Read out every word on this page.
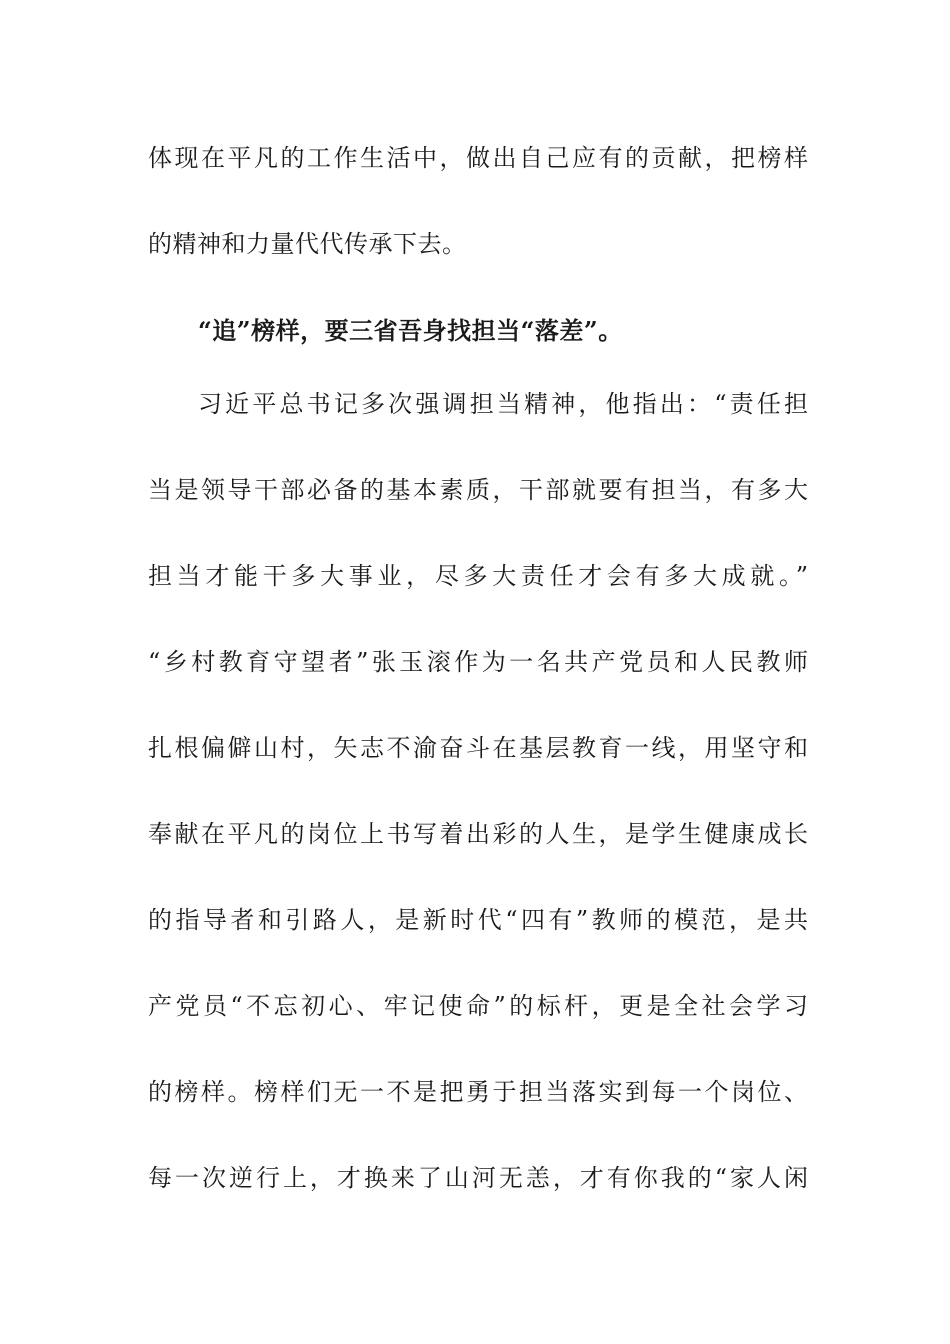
体现在平凡的工作生活中，做出自己应有的贡献，把榜样
的精神和力量代代传承下去。
“追”榜样，要三省吾身找担当“落差”。
习近平总书记多次强调担当精神，他指出：“责任担
当是领导干部必备的基本素质，干部就要有担当，有多大
担当才能干多大事业，尽多大责任才会有多大成就。”
“乡村教育守望者”张玉滚作为一名共产党员和人民教师
扎根偏僻山村，矢志不渝奋斗在基层教育一线，用坚守和
奉献在平凡的岗位上书写着出彩的人生，是学生健康成长
的指导者和引路人，是新时代“四有”教师的模范，是共
产党员“不忘初心、牢记使命”的标杆，更是全社会学习
的榜样。榜样们无一不是把勇于担当落实到每一个岗位、
每一次逆行上，才换来了山河无恙，才有你我的“家人闲
